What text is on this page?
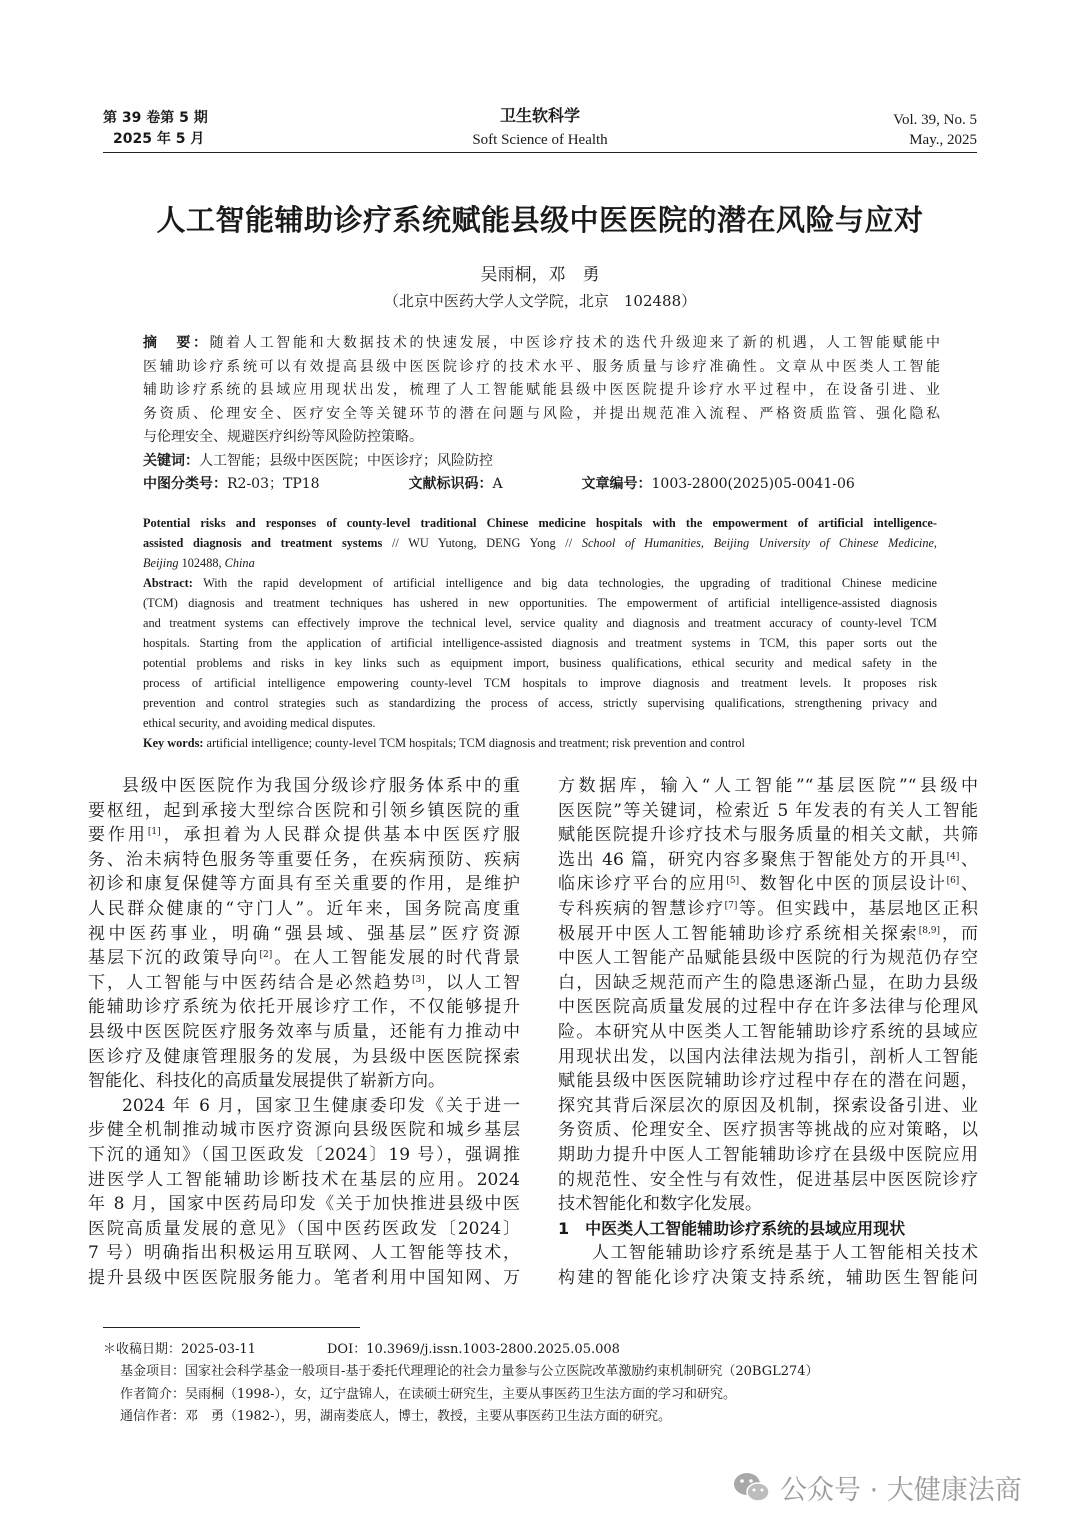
第 39 卷第 5 期
2025 年 5 月
卫生软科学
Soft Science of Health
Vol. 39, No. 5
May., 2025
人工智能辅助诊疗系统赋能县级中医医院的潜在风险与应对
吴雨桐，邓　勇
（北京中医药大学人文学院，北京　102488）
摘　要：随着人工智能和大数据技术的快速发展，中医诊疗技术的迭代升级迎来了新的机遇，人工智能赋能中
医辅助诊疗系统可以有效提高县级中医医院诊疗的技术水平、服务质量与诊疗准确性。文章从中医类人工智能
辅助诊疗系统的县域应用现状出发，梳理了人工智能赋能县级中医医院提升诊疗水平过程中，在设备引进、业
务资质、伦理安全、医疗安全等关键环节的潜在问题与风险，并提出规范准入流程、严格资质监管、强化隐私
与伦理安全、规避医疗纠纷等风险防控策略。
关键词：人工智能；县级中医医院；中医诊疗；风险防控
中图分类号：R2-03；TP18	文献标识码：A	文章编号：1003-2800(2025)05-0041-06
Potential risks and responses of county-level traditional Chinese medicine hospitals with the empowerment of artificial intelligence-
assisted diagnosis and treatment systems // WU Yutong, DENG Yong // School of Humanities, Beijing University of Chinese Medicine,
Beijing 102488, China
Abstract: With the rapid development of artificial intelligence and big data technologies, the upgrading of traditional Chinese medicine
(TCM) diagnosis and treatment techniques has ushered in new opportunities. The empowerment of artificial intelligence-assisted diagnosis
and treatment systems can effectively improve the technical level, service quality and diagnosis and treatment accuracy of county-level TCM
hospitals. Starting from the application of artificial intelligence-assisted diagnosis and treatment systems in TCM, this paper sorts out the
potential problems and risks in key links such as equipment import, business qualifications, ethical security and medical safety in the
process of artificial intelligence empowering county-level TCM hospitals to improve diagnosis and treatment levels. It proposes risk
prevention and control strategies such as standardizing the process of access, strictly supervising qualifications, strengthening privacy and
ethical security, and avoiding medical disputes.
Key words: artificial intelligence; county-level TCM hospitals; TCM diagnosis and treatment; risk prevention and control
县级中医医院作为我国分级诊疗服务体系中的重
要枢纽，起到承接大型综合医院和引领乡镇医院的重
要作用[1]，承担着为人民群众提供基本中医医疗服
务、治未病特色服务等重要任务，在疾病预防、疾病
初诊和康复保健等方面具有至关重要的作用，是维护
人民群众健康的“守门人”。近年来，国务院高度重
视中医药事业，明确“强县域、强基层”医疗资源
基层下沉的政策导向[2]。在人工智能发展的时代背景
下，人工智能与中医药结合是必然趋势[3]，以人工智
能辅助诊疗系统为依托开展诊疗工作，不仅能够提升
县级中医医院医疗服务效率与质量，还能有力推动中
医诊疗及健康管理服务的发展，为县级中医医院探索
智能化、科技化的高质量发展提供了崭新方向。
2024 年 6 月，国家卫生健康委印发《关于进一
步健全机制推动城市医疗资源向县级医院和城乡基层
下沉的通知》（国卫医政发〔2024〕19 号），强调推
进医学人工智能辅助诊断技术在基层的应用。2024
年 8 月，国家中医药局印发《关于加快推进县级中医
医院高质量发展的意见》（国中医药医政发〔2024〕
7 号）明确指出积极运用互联网、人工智能等技术，
提升县级中医医院服务能力。笔者利用中国知网、万
方数据库，输入“人工智能”“基层医院”“县级中
医医院”等关键词，检索近 5 年发表的有关人工智能
赋能医院提升诊疗技术与服务质量的相关文献，共筛
选出 46 篇，研究内容多聚焦于智能处方的开具[4]、
临床诊疗平台的应用[5]、数智化中医的顶层设计[6]、
专科疾病的智慧诊疗[7]等。但实践中，基层地区正积
极展开中医人工智能辅助诊疗系统相关探索[8,9]，而
中医人工智能产品赋能县级中医院的行为规范仍存空
白，因缺乏规范而产生的隐患逐渐凸显，在助力县级
中医医院高质量发展的过程中存在许多法律与伦理风
险。本研究从中医类人工智能辅助诊疗系统的县域应
用现状出发，以国内法律法规为指引，剖析人工智能
赋能县级中医医院辅助诊疗过程中存在的潜在问题，
探究其背后深层次的原因及机制，探索设备引进、业
务资质、伦理安全、医疗损害等挑战的应对策略，以
期助力提升中医人工智能辅助诊疗在县级中医院应用
的规范性、安全性与有效性，促进基层中医医院诊疗
技术智能化和数字化发展。
1　中医类人工智能辅助诊疗系统的县域应用现状
人工智能辅助诊疗系统是基于人工智能相关技术
构建的智能化诊疗决策支持系统，辅助医生智能问
＊收稿日期：2025-03-11	DOI：10.3969/j.issn.1003-2800.2025.05.008
基金项目：国家社会科学基金一般项目-基于委托代理理论的社会力量参与公立医院改革激励约束机制研究（20BGL274）
作者简介：吴雨桐（1998-），女，辽宁盘锦人，在读硕士研究生，主要从事医药卫生法方面的学习和研究。
通信作者：邓　勇（1982-），男，湖南娄底人，博士，教授，主要从事医药卫生法方面的研究。
公众号 · 大健康法商
